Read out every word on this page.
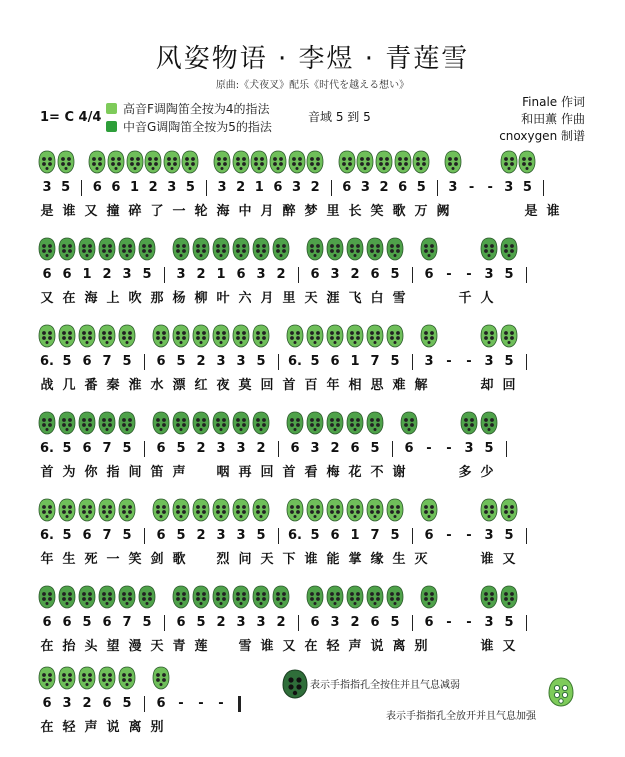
风姿物语 · 李煜 · 青莲雪
原曲:《犬夜叉》配乐《时代を越える想い》
1= C 4/4
高音F调陶笛全按为4的指法
中音G调陶笛全按为5的指法
音域 5 到 5
Finale 作词
和田薫 作曲
cnoxygen 制谱
3 5 6 6 1 2 3 5 3 2 1 6 3 2 6 3 2 6 5 3 -	- 3 5
是 谁 又 撞 碎 了 一 轮 海 中 月 醉 梦 里 长 笑 歌 万 阙	是 谁
6 6 1 2 3 5 3 2 1 6 3 2 6 3 2 6 5 6 -	- 3 5
又 在 海 上 吹 那 杨 柳 叶 六 月 里 天 涯 飞 白 雪	千 人
6. 5 6 7 5 6 5 2 3 3 5 6. 5 6 1 7 5 3 -	- 3 5
战 几 番 秦 淮 水 漂 红 夜 莫 回 首 百 年 相 思 难 解	却 回
6. 5 6 7 5 6 5 2 3 3 2 6 3 2 6 5 6 -	- 3 5
首 为 你 指 间 笛 声 咽 再 回 首 看 梅 花 不 谢	多 少
6. 5 6 7 5 6 5 2 3 3 5 6. 5 6 1 7 5 6 -	- 3 5
年 生 死 一 笑 剑 歌 烈 问 天 下 谁 能 掌 缘 生 灭	谁 又
6 6 5 6 7 5 6 5 2 3 3 2 6 3 2 6 5 6 -	- 3 5
在 抬 头 望 漫 天 青 莲 雪 谁 又 在 轻 声 说 离 别	谁 又
6 3 2 6 5 6 -	-	-
在 轻 声 说 离 别
表示手指指孔全按住并且气息减弱
表示手指指孔全放开并且气息加强
